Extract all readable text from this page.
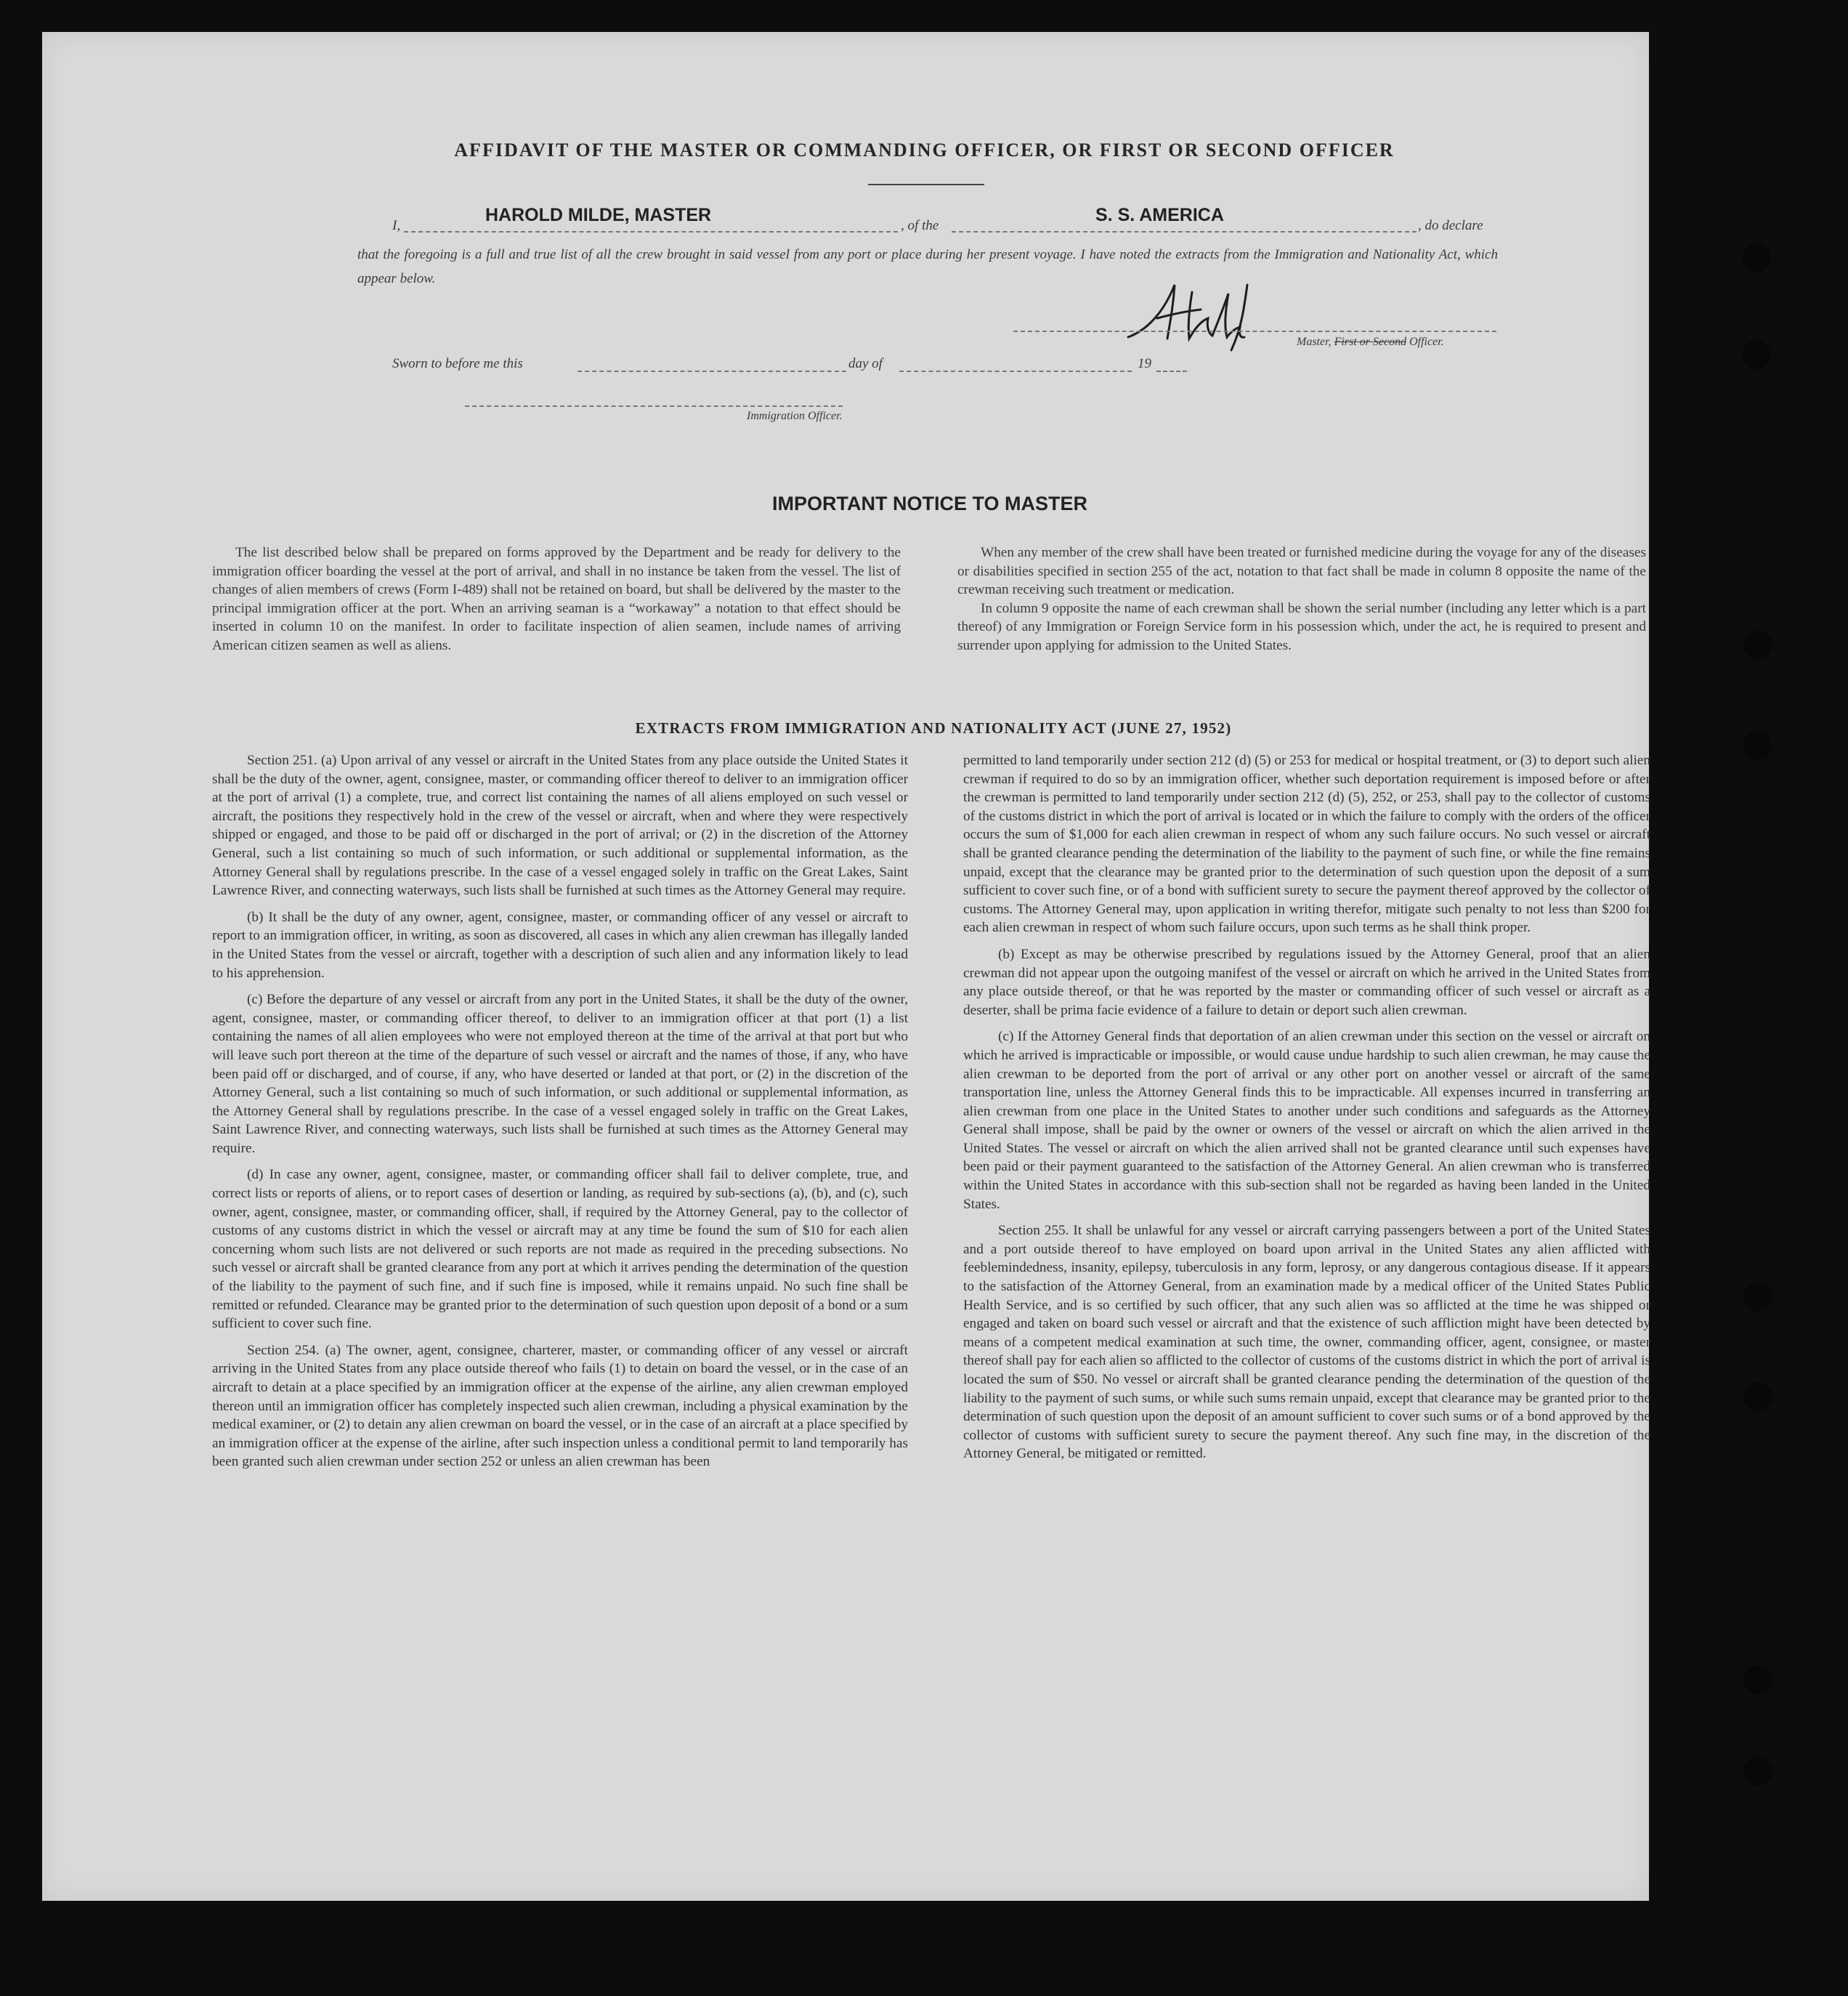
AFFIDAVIT OF THE MASTER OR COMMANDING OFFICER, OR FIRST OR SECOND OFFICER
I,
HAROLD MILDE, MASTER
, of the
S. S. AMERICA
, do declare
that the foregoing is a full and true list of all the crew brought in said vessel from any port or place during her present voyage. I have noted the extracts from the Immigration and Nationality Act, which appear below.
Master, First or Second Officer.
Sworn to before me this	day of	19
Immigration Officer.
IMPORTANT NOTICE TO MASTER

The list described below shall be prepared on forms approved by the Department and be ready for delivery to the immigration officer boarding the vessel at the port of arrival, and shall in no instance be taken from the vessel. The list of changes of alien members of crews (Form I-489) shall not be retained on board, but shall be delivered by the master to the principal immigration officer at the port. When an arriving seaman is a “workaway” a notation to that effect should be inserted in column 10 on the manifest. In order to facilitate inspection of alien seamen, include names of arriving American citizen seamen as well as aliens.

When any member of the crew shall have been treated or furnished medicine during the voyage for any of the diseases or disabilities specified in section 255 of the act, notation to that fact shall be made in column 8 opposite the name of the crewman receiving such treatment or medication.

In column 9 opposite the name of each crewman shall be shown the serial number (including any letter which is a part thereof) of any Immigration or Foreign Service form in his possession which, under the act, he is required to present and surrender upon applying for admission to the United States.

EXTRACTS FROM IMMIGRATION AND NATIONALITY ACT (JUNE 27, 1952)

Section 251. (a) Upon arrival of any vessel or aircraft in the United States from any place outside the United States it shall be the duty of the owner, agent, consignee, master, or commanding officer thereof to deliver to an immigration officer at the port of arrival (1) a complete, true, and correct list containing the names of all aliens employed on such vessel or aircraft, the positions they respectively hold in the crew of the vessel or aircraft, when and where they were respectively shipped or engaged, and those to be paid off or discharged in the port of arrival; or (2) in the discretion of the Attorney General, such a list containing so much of such information, or such additional or supplemental information, as the Attorney General shall by regulations prescribe. In the case of a vessel engaged solely in traffic on the Great Lakes, Saint Lawrence River, and connecting waterways, such lists shall be furnished at such times as the Attorney General may require.

(b) It shall be the duty of any owner, agent, consignee, master, or commanding officer of any vessel or aircraft to report to an immigration officer, in writing, as soon as discovered, all cases in which any alien crewman has illegally landed in the United States from the vessel or aircraft, together with a description of such alien and any information likely to lead to his apprehension.

(c) Before the departure of any vessel or aircraft from any port in the United States, it shall be the duty of the owner, agent, consignee, master, or commanding officer thereof, to deliver to an immigration officer at that port (1) a list containing the names of all alien employees who were not employed thereon at the time of the arrival at that port but who will leave such port thereon at the time of the departure of such vessel or aircraft and the names of those, if any, who have been paid off or discharged, and of course, if any, who have deserted or landed at that port, or (2) in the discretion of the Attorney General, such a list containing so much of such information, or such additional or supplemental information, as the Attorney General shall by regulations prescribe. In the case of a vessel engaged solely in traffic on the Great Lakes, Saint Lawrence River, and connecting waterways, such lists shall be furnished at such times as the Attorney General may require.

(d) In case any owner, agent, consignee, master, or commanding officer shall fail to deliver complete, true, and correct lists or reports of aliens, or to report cases of desertion or landing, as required by sub-sections (a), (b), and (c), such owner, agent, consignee, master, or commanding officer, shall, if required by the Attorney General, pay to the collector of customs of any customs district in which the vessel or aircraft may at any time be found the sum of $10 for each alien concerning whom such lists are not delivered or such reports are not made as required in the preceding subsections. No such vessel or aircraft shall be granted clearance from any port at which it arrives pending the determination of the question of the liability to the payment of such fine, and if such fine is imposed, while it remains unpaid. No such fine shall be remitted or refunded. Clearance may be granted prior to the determination of such question upon deposit of a bond or a sum sufficient to cover such fine.

Section 254. (a) The owner, agent, consignee, charterer, master, or commanding officer of any vessel or aircraft arriving in the United States from any place outside thereof who fails (1) to detain on board the vessel, or in the case of an aircraft to detain at a place specified by an immigration officer at the expense of the airline, any alien crewman employed thereon until an immigration officer has completely inspected such alien crewman, including a physical examination by the medical examiner, or (2) to detain any alien crewman on board the vessel, or in the case of an aircraft at a place specified by an immigration officer at the expense of the airline, after such inspection unless a conditional permit to land temporarily has been granted such alien crewman under section 252 or unless an alien crewman has been

permitted to land temporarily under section 212 (d) (5) or 253 for medical or hospital treatment, or (3) to deport such alien crewman if required to do so by an immigration officer, whether such deportation requirement is imposed before or after the crewman is permitted to land temporarily under section 212 (d) (5), 252, or 253, shall pay to the collector of customs of the customs district in which the port of arrival is located or in which the failure to comply with the orders of the officer occurs the sum of $1,000 for each alien crewman in respect of whom any such failure occurs. No such vessel or aircraft shall be granted clearance pending the determination of the liability to the payment of such fine, or while the fine remains unpaid, except that the clearance may be granted prior to the determination of such question upon the deposit of a sum sufficient to cover such fine, or of a bond with sufficient surety to secure the payment thereof approved by the collector of customs. The Attorney General may, upon application in writing therefor, mitigate such penalty to not less than $200 for each alien crewman in respect of whom such failure occurs, upon such terms as he shall think proper.

(b) Except as may be otherwise prescribed by regulations issued by the Attorney General, proof that an alien crewman did not appear upon the outgoing manifest of the vessel or aircraft on which he arrived in the United States from any place outside thereof, or that he was reported by the master or commanding officer of such vessel or aircraft as a deserter, shall be prima facie evidence of a failure to detain or deport such alien crewman.

(c) If the Attorney General finds that deportation of an alien crewman under this section on the vessel or aircraft on which he arrived is impracticable or impossible, or would cause undue hardship to such alien crewman, he may cause the alien crewman to be deported from the port of arrival or any other port on another vessel or aircraft of the same transportation line, unless the Attorney General finds this to be impracticable. All expenses incurred in transferring an alien crewman from one place in the United States to another under such conditions and safeguards as the Attorney General shall impose, shall be paid by the owner or owners of the vessel or aircraft on which the alien arrived in the United States. The vessel or aircraft on which the alien arrived shall not be granted clearance until such expenses have been paid or their payment guaranteed to the satisfaction of the Attorney General. An alien crewman who is transferred within the United States in accordance with this sub-section shall not be regarded as having been landed in the United States.

Section 255. It shall be unlawful for any vessel or aircraft carrying passengers between a port of the United States and a port outside thereof to have employed on board upon arrival in the United States any alien afflicted with feeblemindedness, insanity, epilepsy, tuberculosis in any form, leprosy, or any dangerous contagious disease. If it appears to the satisfaction of the Attorney General, from an examination made by a medical officer of the United States Public Health Service, and is so certified by such officer, that any such alien was so afflicted at the time he was shipped or engaged and taken on board such vessel or aircraft and that the existence of such affliction might have been detected by means of a competent medical examination at such time, the owner, commanding officer, agent, consignee, or master thereof shall pay for each alien so afflicted to the collector of customs of the customs district in which the port of arrival is located the sum of $50. No vessel or aircraft shall be granted clearance pending the determination of the question of the liability to the payment of such sums, or while such sums remain unpaid, except that clearance may be granted prior to the determination of such question upon the deposit of an amount sufficient to cover such sums or of a bond approved by the collector of customs with sufficient surety to secure the payment thereof. Any such fine may, in the discretion of the Attorney General, be mitigated or remitted.
